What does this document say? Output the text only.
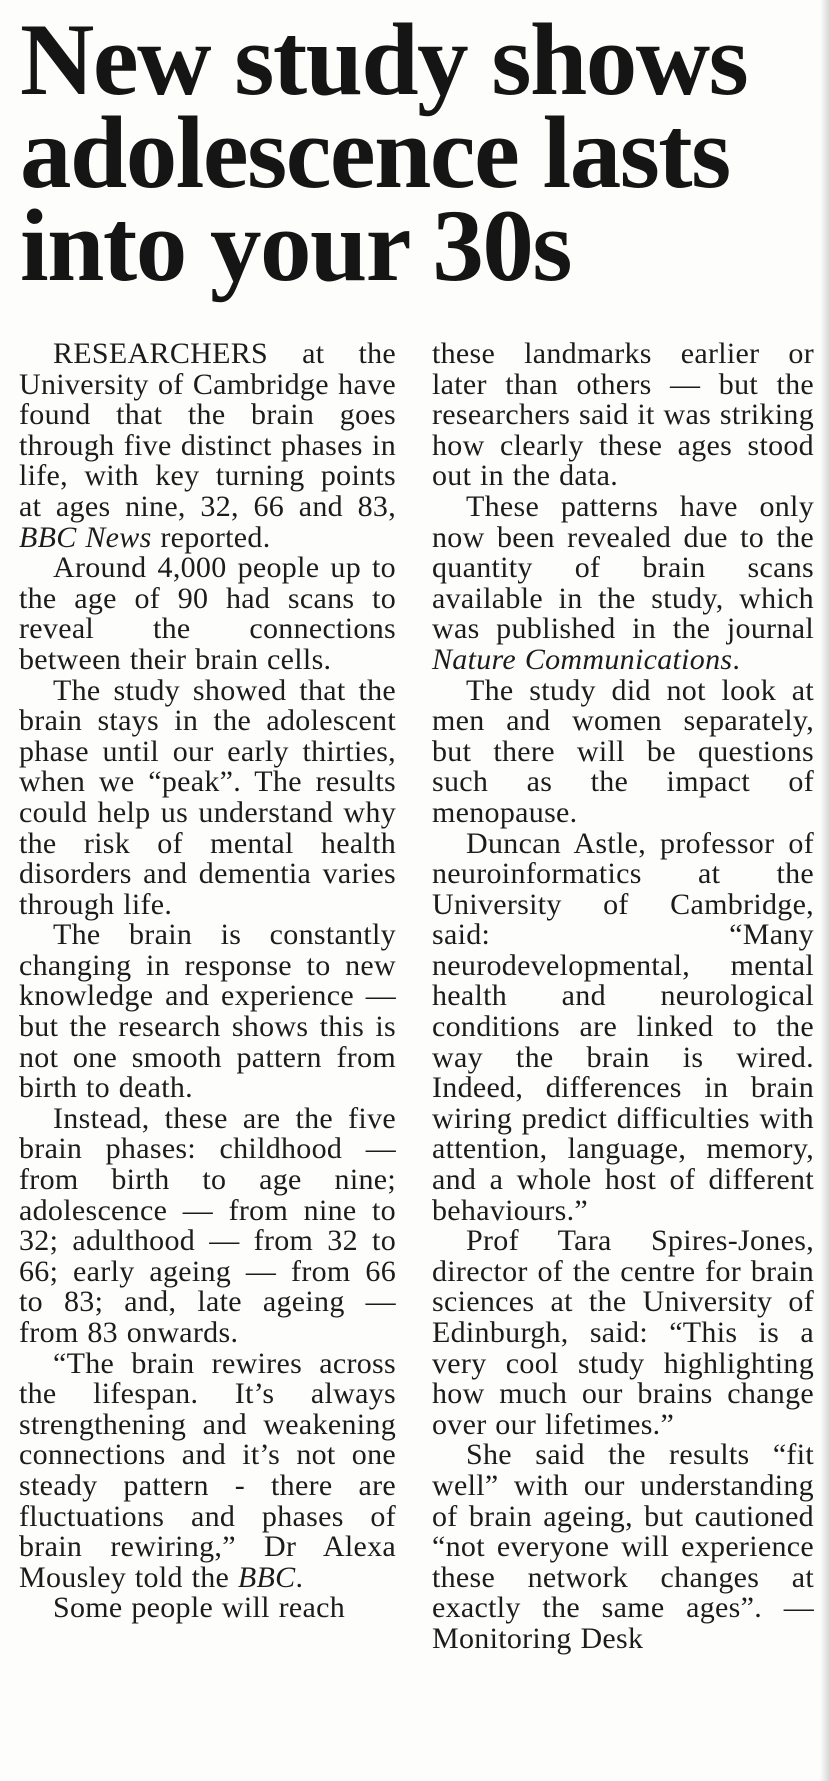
New study shows adolescence lasts into your 30s

RESEARCHERS at the University of Cambridge have found that the brain goes through five distinct phases in life, with key turning points at ages nine, 32, 66 and 83, BBC News reported.

Around 4,000 people up to the age of 90 had scans to reveal the connections between their brain cells.

The study showed that the brain stays in the adolescent phase until our early thirties, when we “peak”. The results could help us understand why the risk of mental health disorders and dementia varies through life.

The brain is constantly changing in response to new knowledge and experience — but the research shows this is not one smooth pattern from birth to death.

Instead, these are the five brain phases: childhood — from birth to age nine; adolescence — from nine to 32; adulthood — from 32 to 66; early ageing — from 66 to 83; and, late ageing — from 83 onwards.

“The brain rewires across the lifespan. It’s always strengthening and weakening connections and it’s not one steady pattern - there are fluctuations and phases of brain rewiring,” Dr Alexa Mousley told the BBC.

Some people will reach

these landmarks earlier or later than others — but the researchers said it was striking how clearly these ages stood out in the data.

These patterns have only now been revealed due to the quantity of brain scans available in the study, which was published in the journal Nature Communications.

The study did not look at men and women separately, but there will be questions such as the impact of menopause.

Duncan Astle, professor of neuroinformatics at the University of Cambridge, said: “Many neurodevelopmental, mental health and neurological conditions are linked to the way the brain is wired. Indeed, differences in brain wiring predict difficulties with attention, language, memory, and a whole host of different behaviours.”

Prof Tara Spires-Jones, director of the centre for brain sciences at the University of Edinburgh, said: “This is a very cool study highlighting how much our brains change over our lifetimes.”

She said the results “fit well” with our understanding of brain ageing, but cautioned “not everyone will experience these network changes at exactly the same ages”. —Monitoring Desk
